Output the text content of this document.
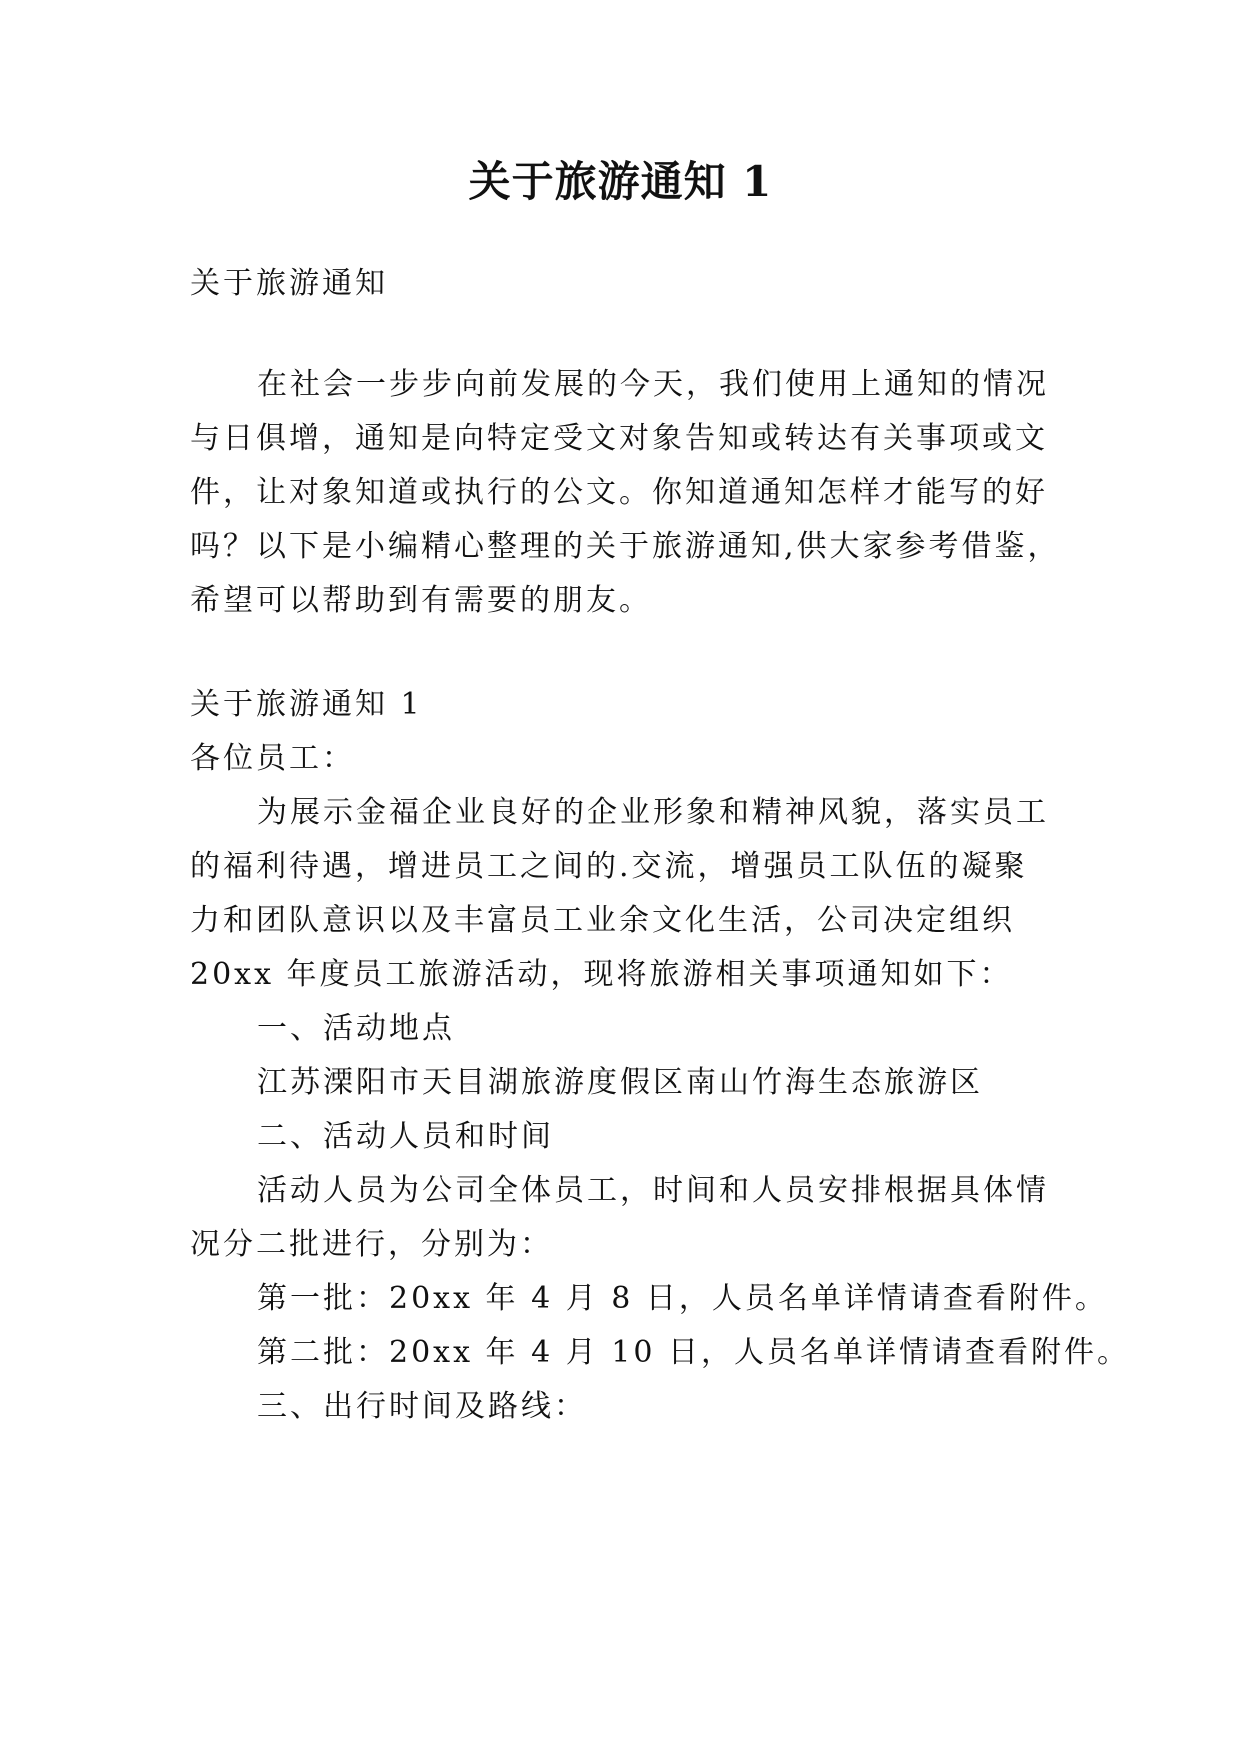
关于旅游通知 1
关于旅游通知
在社会一步步向前发展的今天，我们使用上通知的情况
与日俱增，通知是向特定受文对象告知或转达有关事项或文
件，让对象知道或执行的公文。你知道通知怎样才能写的好
吗？以下是小编精心整理的关于旅游通知,供大家参考借鉴，
希望可以帮助到有需要的朋友。
关于旅游通知 1
各位员工：
为展示金福企业良好的企业形象和精神风貌，落实员工
的福利待遇，增进员工之间的.交流，增强员工队伍的凝聚
力和团队意识以及丰富员工业余文化生活，公司决定组织
20xx 年度员工旅游活动，现将旅游相关事项通知如下：
一、活动地点
江苏溧阳市天目湖旅游度假区南山竹海生态旅游区
二、活动人员和时间
活动人员为公司全体员工，时间和人员安排根据具体情
况分二批进行，分别为：
第一批：20xx 年 4 月 8 日，人员名单详情请查看附件。
第二批：20xx 年 4 月 10 日，人员名单详情请查看附件。
三、出行时间及路线：
